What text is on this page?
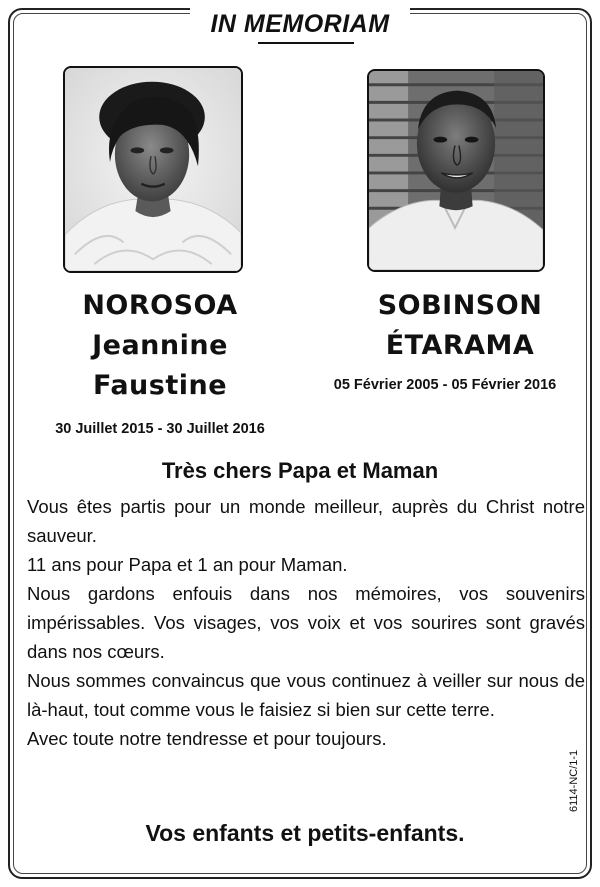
IN MEMORIAM
NOROSOA
Jeannine
Faustine
30 Juillet 2015 - 30 Juillet 2016
SOBINSON
ÉTARAMA
05 Février 2005 - 05 Février 2016
Très chers Papa et Maman

Vous êtes partis pour un monde meilleur, auprès du Christ notre sauveur.

11 ans pour Papa et 1 an pour Maman.

Nous gardons enfouis dans nos mémoires, vos souvenirs impérissables. Vos visages, vos voix et vos sourires sont gravés dans nos cœurs.

Nous sommes convaincus que vous continuez à veiller sur nous de là-haut, tout comme vous le faisiez si bien sur cette terre.

Avec toute notre tendresse et pour toujours.

Vos enfants et petits-enfants.

6114-NC/1-1
